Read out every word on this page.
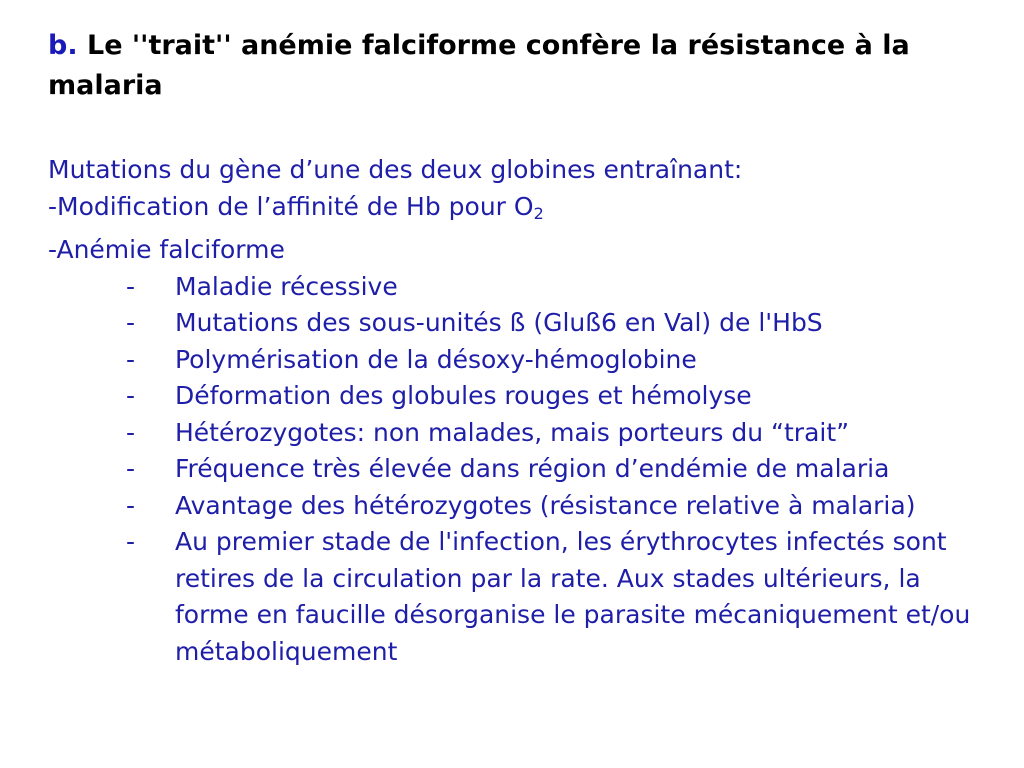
b. Le ''trait'' anémie falciforme confère la résistance à la malaria
Mutations du gène d’une des deux globines entraînant:
-Modification de l’affinité de Hb pour $O_2$
-Anémie falciforme
- Maladie récessive
- Mutations des sous-unités ß (Gluß6 en Val) de l'HbS
- Polymérisation de la désoxy-hémoglobine
- Déformation des globules rouges et hémolyse
- Hétérozygotes: non malades, mais porteurs du “trait”
- Fréquence très élevée dans région d’endémie de malaria
- Avantage des hétérozygotes (résistance relative à malaria)
- Au premier stade de l'infection, les érythrocytes infectés sont retires de la circulation par la rate. Aux stades ultérieurs, la forme en faucille désorganise le parasite mécaniquement et/ou métaboliquement
